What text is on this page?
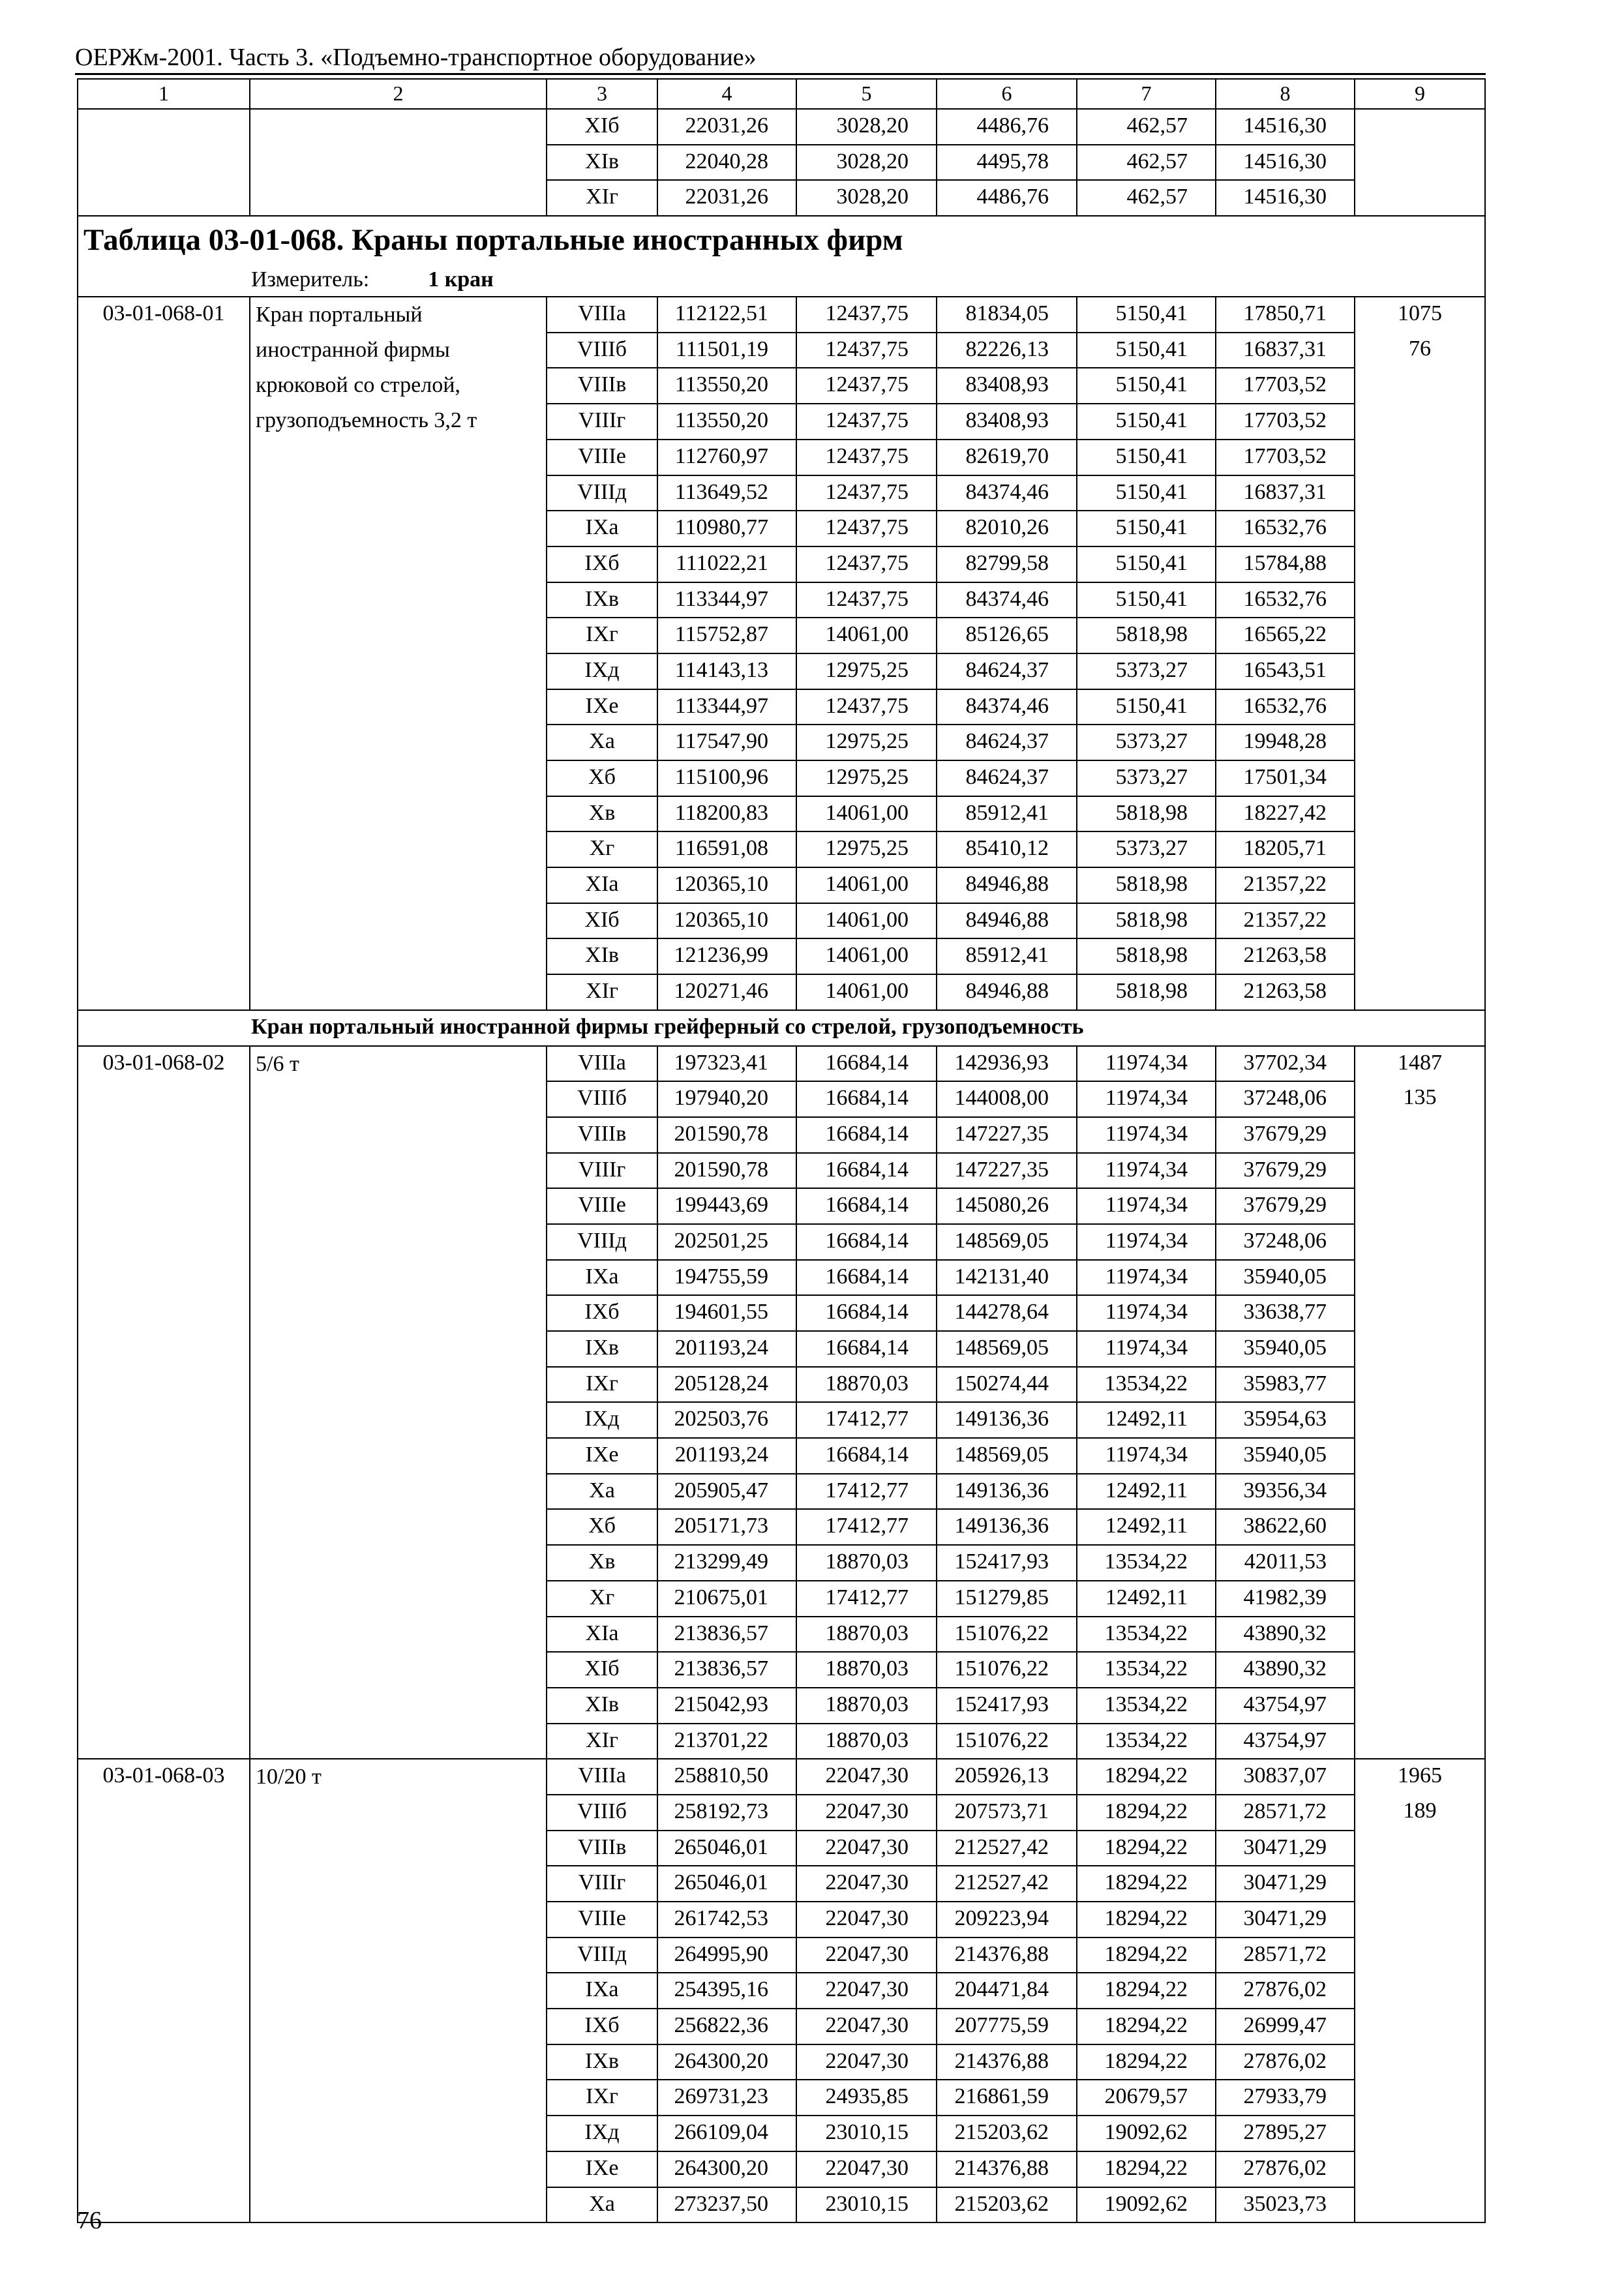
ОЕРЖм-2001. Часть 3. «Подъемно-транспортное оборудование»
1	2	3	4	5	6	7	8	9
		XIб	22031,26	3028,20	4486,76	462,57	14516,30	
		XIв	22040,28	3028,20	4495,78	462,57	14516,30	
		XIг	22031,26	3028,20	4486,76	462,57	14516,30	

Таблица 03-01-068. Краны портальные иностранных фирм								

Измеритель: 1 кран								

03-01-068-01	Кран портальный иностранной фирмы крюковой со стрелой, грузоподъемность 3,2 т	VIIIа	112122,51	12437,75	81834,05	5150,41	17850,71	1075
		VIIIб	111501,19	12437,75	82226,13	5150,41	16837,31	76
		VIIIв	113550,20	12437,75	83408,93	5150,41	17703,52	
		VIIIг	113550,20	12437,75	83408,93	5150,41	17703,52	
		VIIIе	112760,97	12437,75	82619,70	5150,41	17703,52	
		VIIIд	113649,52	12437,75	84374,46	5150,41	16837,31	
		IXа	110980,77	12437,75	82010,26	5150,41	16532,76	
		IXб	111022,21	12437,75	82799,58	5150,41	15784,88	
		IXв	113344,97	12437,75	84374,46	5150,41	16532,76	
		IXг	115752,87	14061,00	85126,65	5818,98	16565,22	
		IXд	114143,13	12975,25	84624,37	5373,27	16543,51	
		IXе	113344,97	12437,75	84374,46	5150,41	16532,76	
		Xа	117547,90	12975,25	84624,37	5373,27	19948,28	
		Xб	115100,96	12975,25	84624,37	5373,27	17501,34	
		Xв	118200,83	14061,00	85912,41	5818,98	18227,42	
		Xг	116591,08	12975,25	85410,12	5373,27	18205,71	
		XIа	120365,10	14061,00	84946,88	5818,98	21357,22	
		XIб	120365,10	14061,00	84946,88	5818,98	21357,22	
		XIв	121236,99	14061,00	85912,41	5818,98	21263,58	
		XIг	120271,46	14061,00	84946,88	5818,98	21263,58	

Кран портальный иностранной фирмы грейферный со стрелой, грузоподъемность								

03-01-068-02	5/6 т	VIIIа	197323,41	16684,14	142936,93	11974,34	37702,34	1487
		VIIIб	197940,20	16684,14	144008,00	11974,34	37248,06	135
		VIIIв	201590,78	16684,14	147227,35	11974,34	37679,29	
		VIIIг	201590,78	16684,14	147227,35	11974,34	37679,29	
		VIIIе	199443,69	16684,14	145080,26	11974,34	37679,29	
		VIIIд	202501,25	16684,14	148569,05	11974,34	37248,06	
		IXа	194755,59	16684,14	142131,40	11974,34	35940,05	
		IXб	194601,55	16684,14	144278,64	11974,34	33638,77	
		IXв	201193,24	16684,14	148569,05	11974,34	35940,05	
		IXг	205128,24	18870,03	150274,44	13534,22	35983,77	
		IXд	202503,76	17412,77	149136,36	12492,11	35954,63	
		IXе	201193,24	16684,14	148569,05	11974,34	35940,05	
		Xа	205905,47	17412,77	149136,36	12492,11	39356,34	
		Xб	205171,73	17412,77	149136,36	12492,11	38622,60	
		Xв	213299,49	18870,03	152417,93	13534,22	42011,53	
		Xг	210675,01	17412,77	151279,85	12492,11	41982,39	
		XIа	213836,57	18870,03	151076,22	13534,22	43890,32	
		XIб	213836,57	18870,03	151076,22	13534,22	43890,32	
		XIв	215042,93	18870,03	152417,93	13534,22	43754,97	
		XIг	213701,22	18870,03	151076,22	13534,22	43754,97	
03-01-068-03	10/20 т	VIIIа	258810,50	22047,30	205926,13	18294,22	30837,07	1965
		VIIIб	258192,73	22047,30	207573,71	18294,22	28571,72	189
		VIIIв	265046,01	22047,30	212527,42	18294,22	30471,29	
		VIIIг	265046,01	22047,30	212527,42	18294,22	30471,29	
		VIIIе	261742,53	22047,30	209223,94	18294,22	30471,29	
		VIIIд	264995,90	22047,30	214376,88	18294,22	28571,72	
		IXа	254395,16	22047,30	204471,84	18294,22	27876,02	
		IXб	256822,36	22047,30	207775,59	18294,22	26999,47	
		IXв	264300,20	22047,30	214376,88	18294,22	27876,02	
		IXг	269731,23	24935,85	216861,59	20679,57	27933,79	
		IXд	266109,04	23010,15	215203,62	19092,62	27895,27	
		IXе	264300,20	22047,30	214376,88	18294,22	27876,02	
		Xа	273237,50	23010,15	215203,62	19092,62	35023,73	
76
